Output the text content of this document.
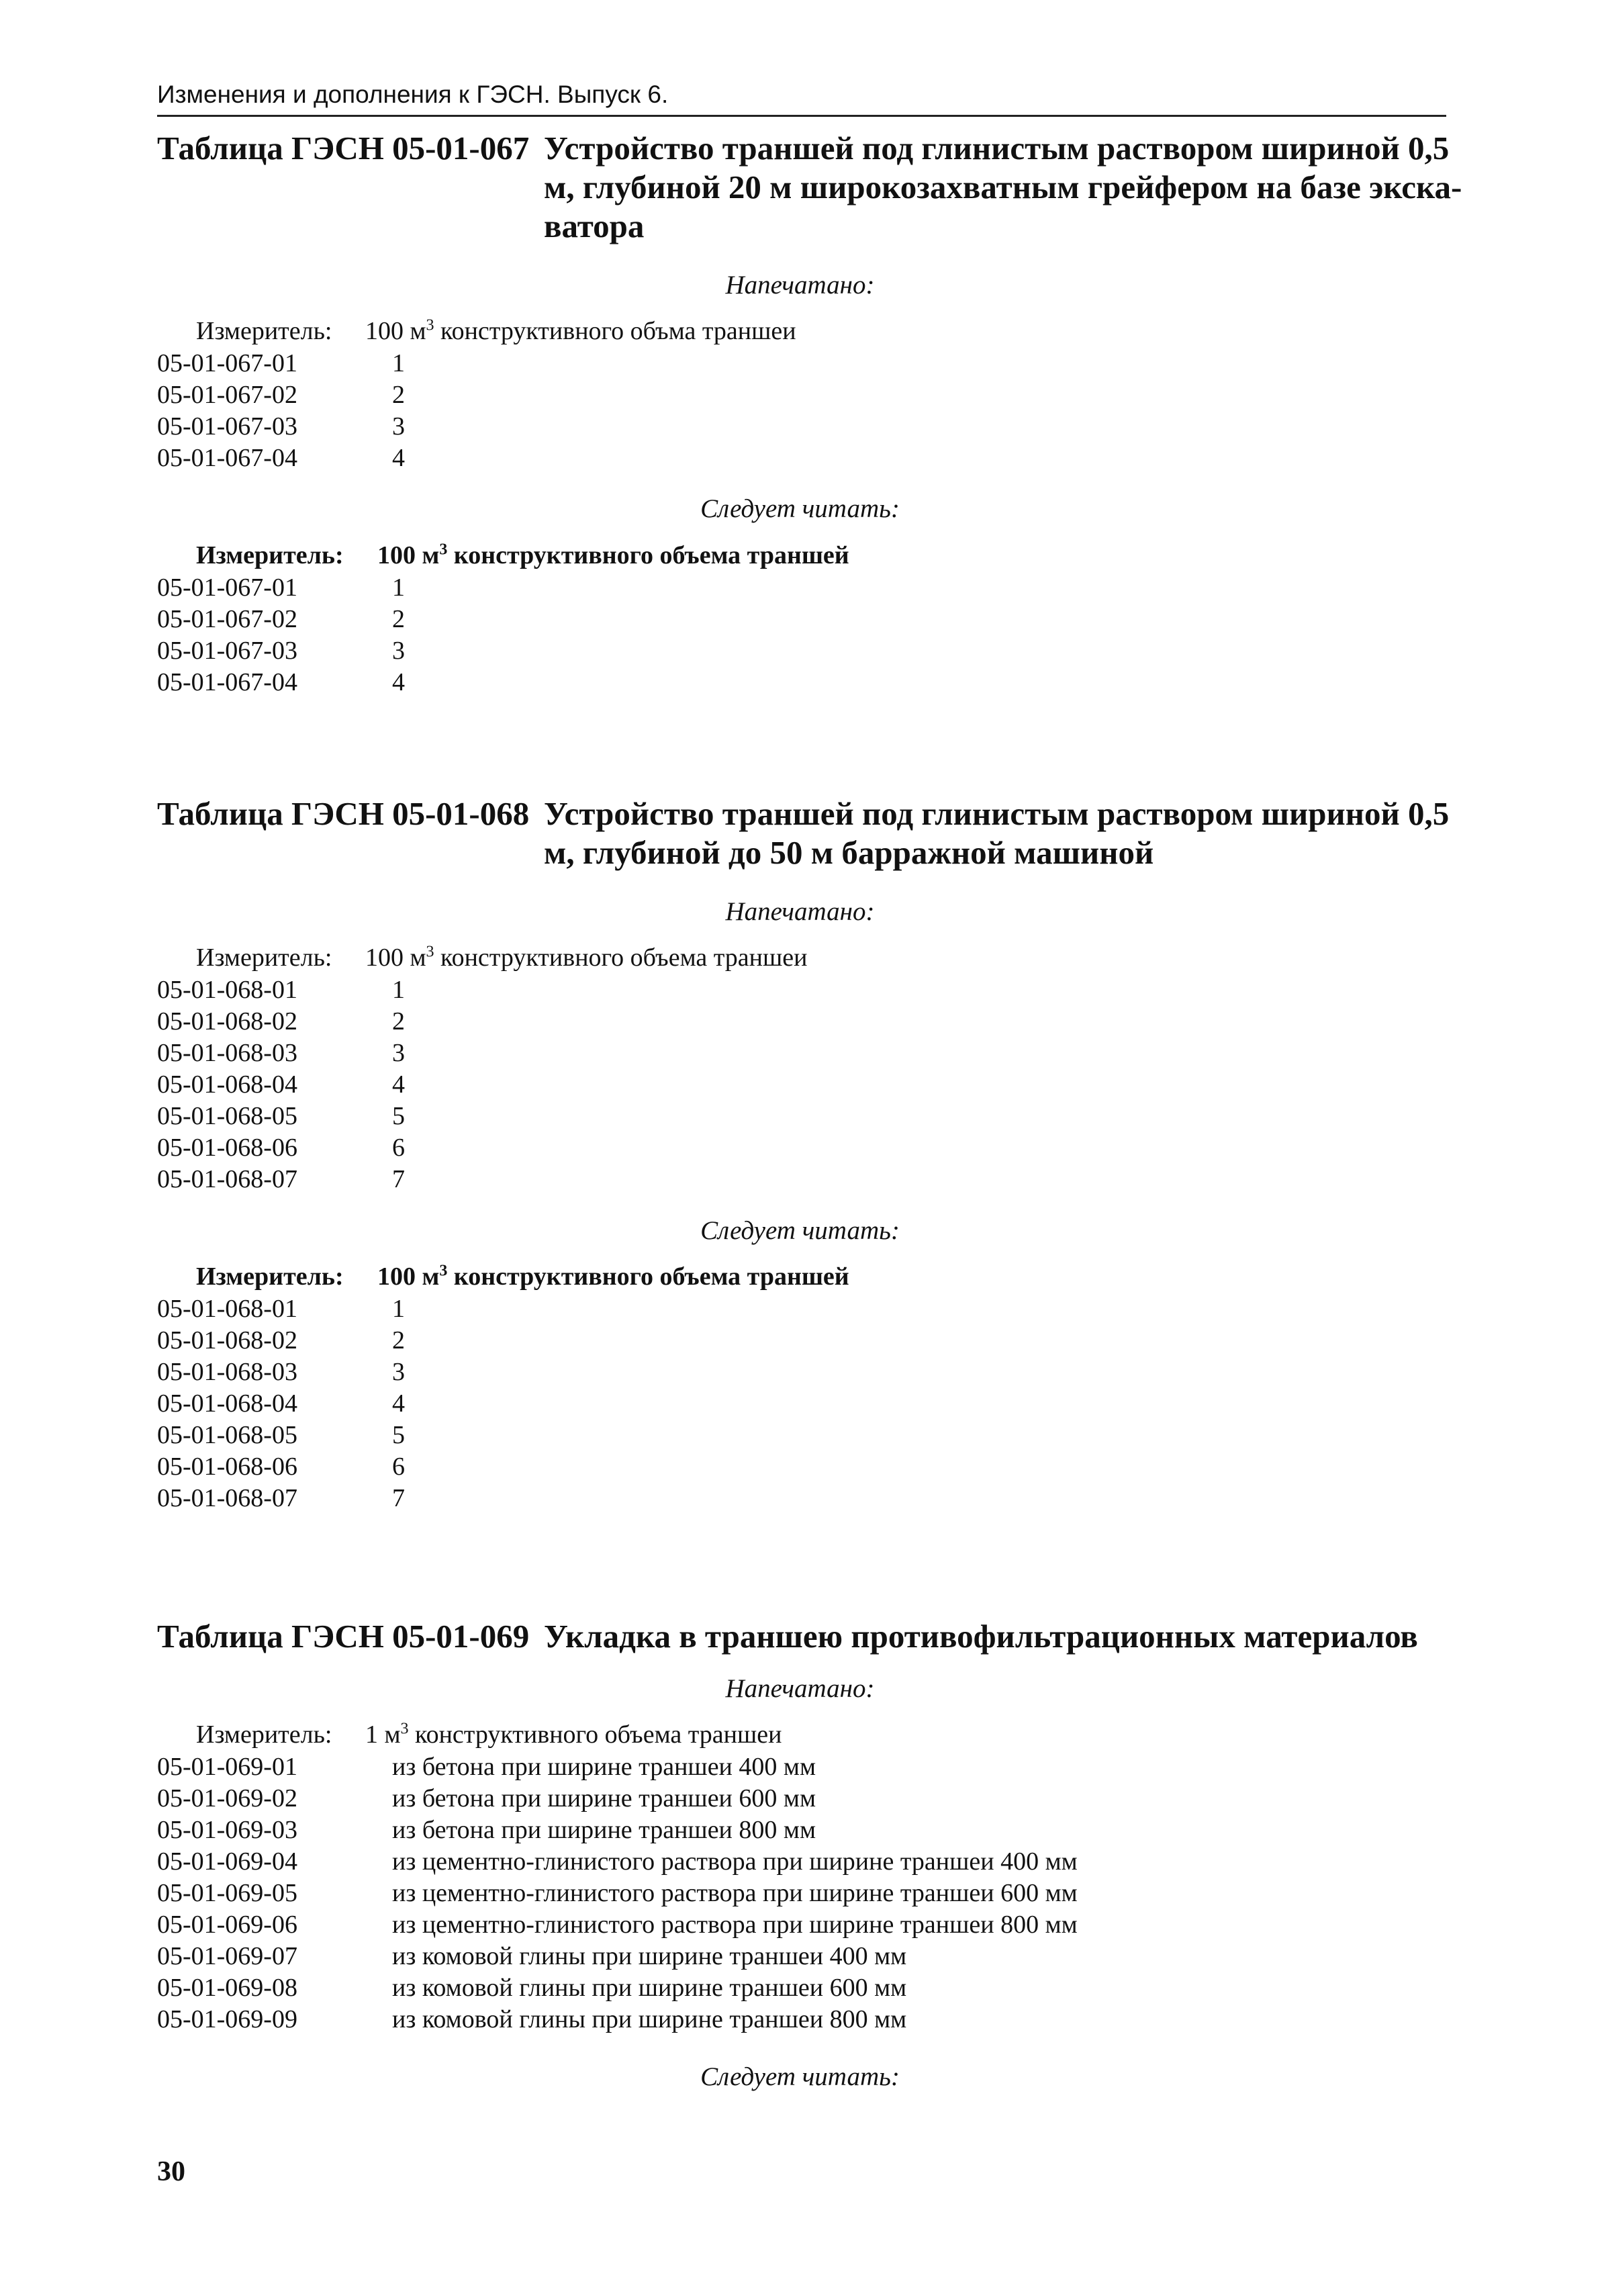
Изменения и дополнения к ГЭСН. Выпуск 6.
Таблица ГЭСН 05-01-067 Устройство траншей под глинистым раствором шириной 0,5
м, глубиной 20 м широкозахватным грейфером на базе экска-
ватора
Напечатано:
Измеритель: 100 $м^3$ конструктивного объма траншеи
05-01-067-01	1
05-01-067-02	2
05-01-067-03	3
05-01-067-04	4
Следует читать:
Измеритель: 100 $м^3$ конструктивного объема траншей
05-01-067-01	1
05-01-067-02	2
05-01-067-03	3
05-01-067-04	4
Таблица ГЭСН 05-01-068 Устройство траншей под глинистым раствором шириной 0,5
м, глубиной до 50 м барражной машиной
Напечатано:
Измеритель: 100 $м^3$ конструктивного объема траншеи
05-01-068-01	1
05-01-068-02	2
05-01-068-03	3
05-01-068-04	4
05-01-068-05	5
05-01-068-06	6
05-01-068-07	7
Следует читать:
Измеритель: 100 $м^3$ конструктивного объема траншей
05-01-068-01	1
05-01-068-02	2
05-01-068-03	3
05-01-068-04	4
05-01-068-05	5
05-01-068-06	6
05-01-068-07	7
Таблица ГЭСН 05-01-069 Укладка в траншею противофильтрационных материалов
Напечатано:
Измеритель: 1 $м^3$ конструктивного объема траншеи
05-01-069-01	из бетона при ширине траншеи 400 мм
05-01-069-02	из бетона при ширине траншеи 600 мм
05-01-069-03	из бетона при ширине траншеи 800 мм
05-01-069-04	из цементно-глинистого раствора при ширине траншеи 400 мм
05-01-069-05	из цементно-глинистого раствора при ширине траншеи 600 мм
05-01-069-06	из цементно-глинистого раствора при ширине траншеи 800 мм
05-01-069-07	из комовой глины при ширине траншеи 400 мм
05-01-069-08	из комовой глины при ширине траншеи 600 мм
05-01-069-09	из комовой глины при ширине траншеи 800 мм
Следует читать:
30
